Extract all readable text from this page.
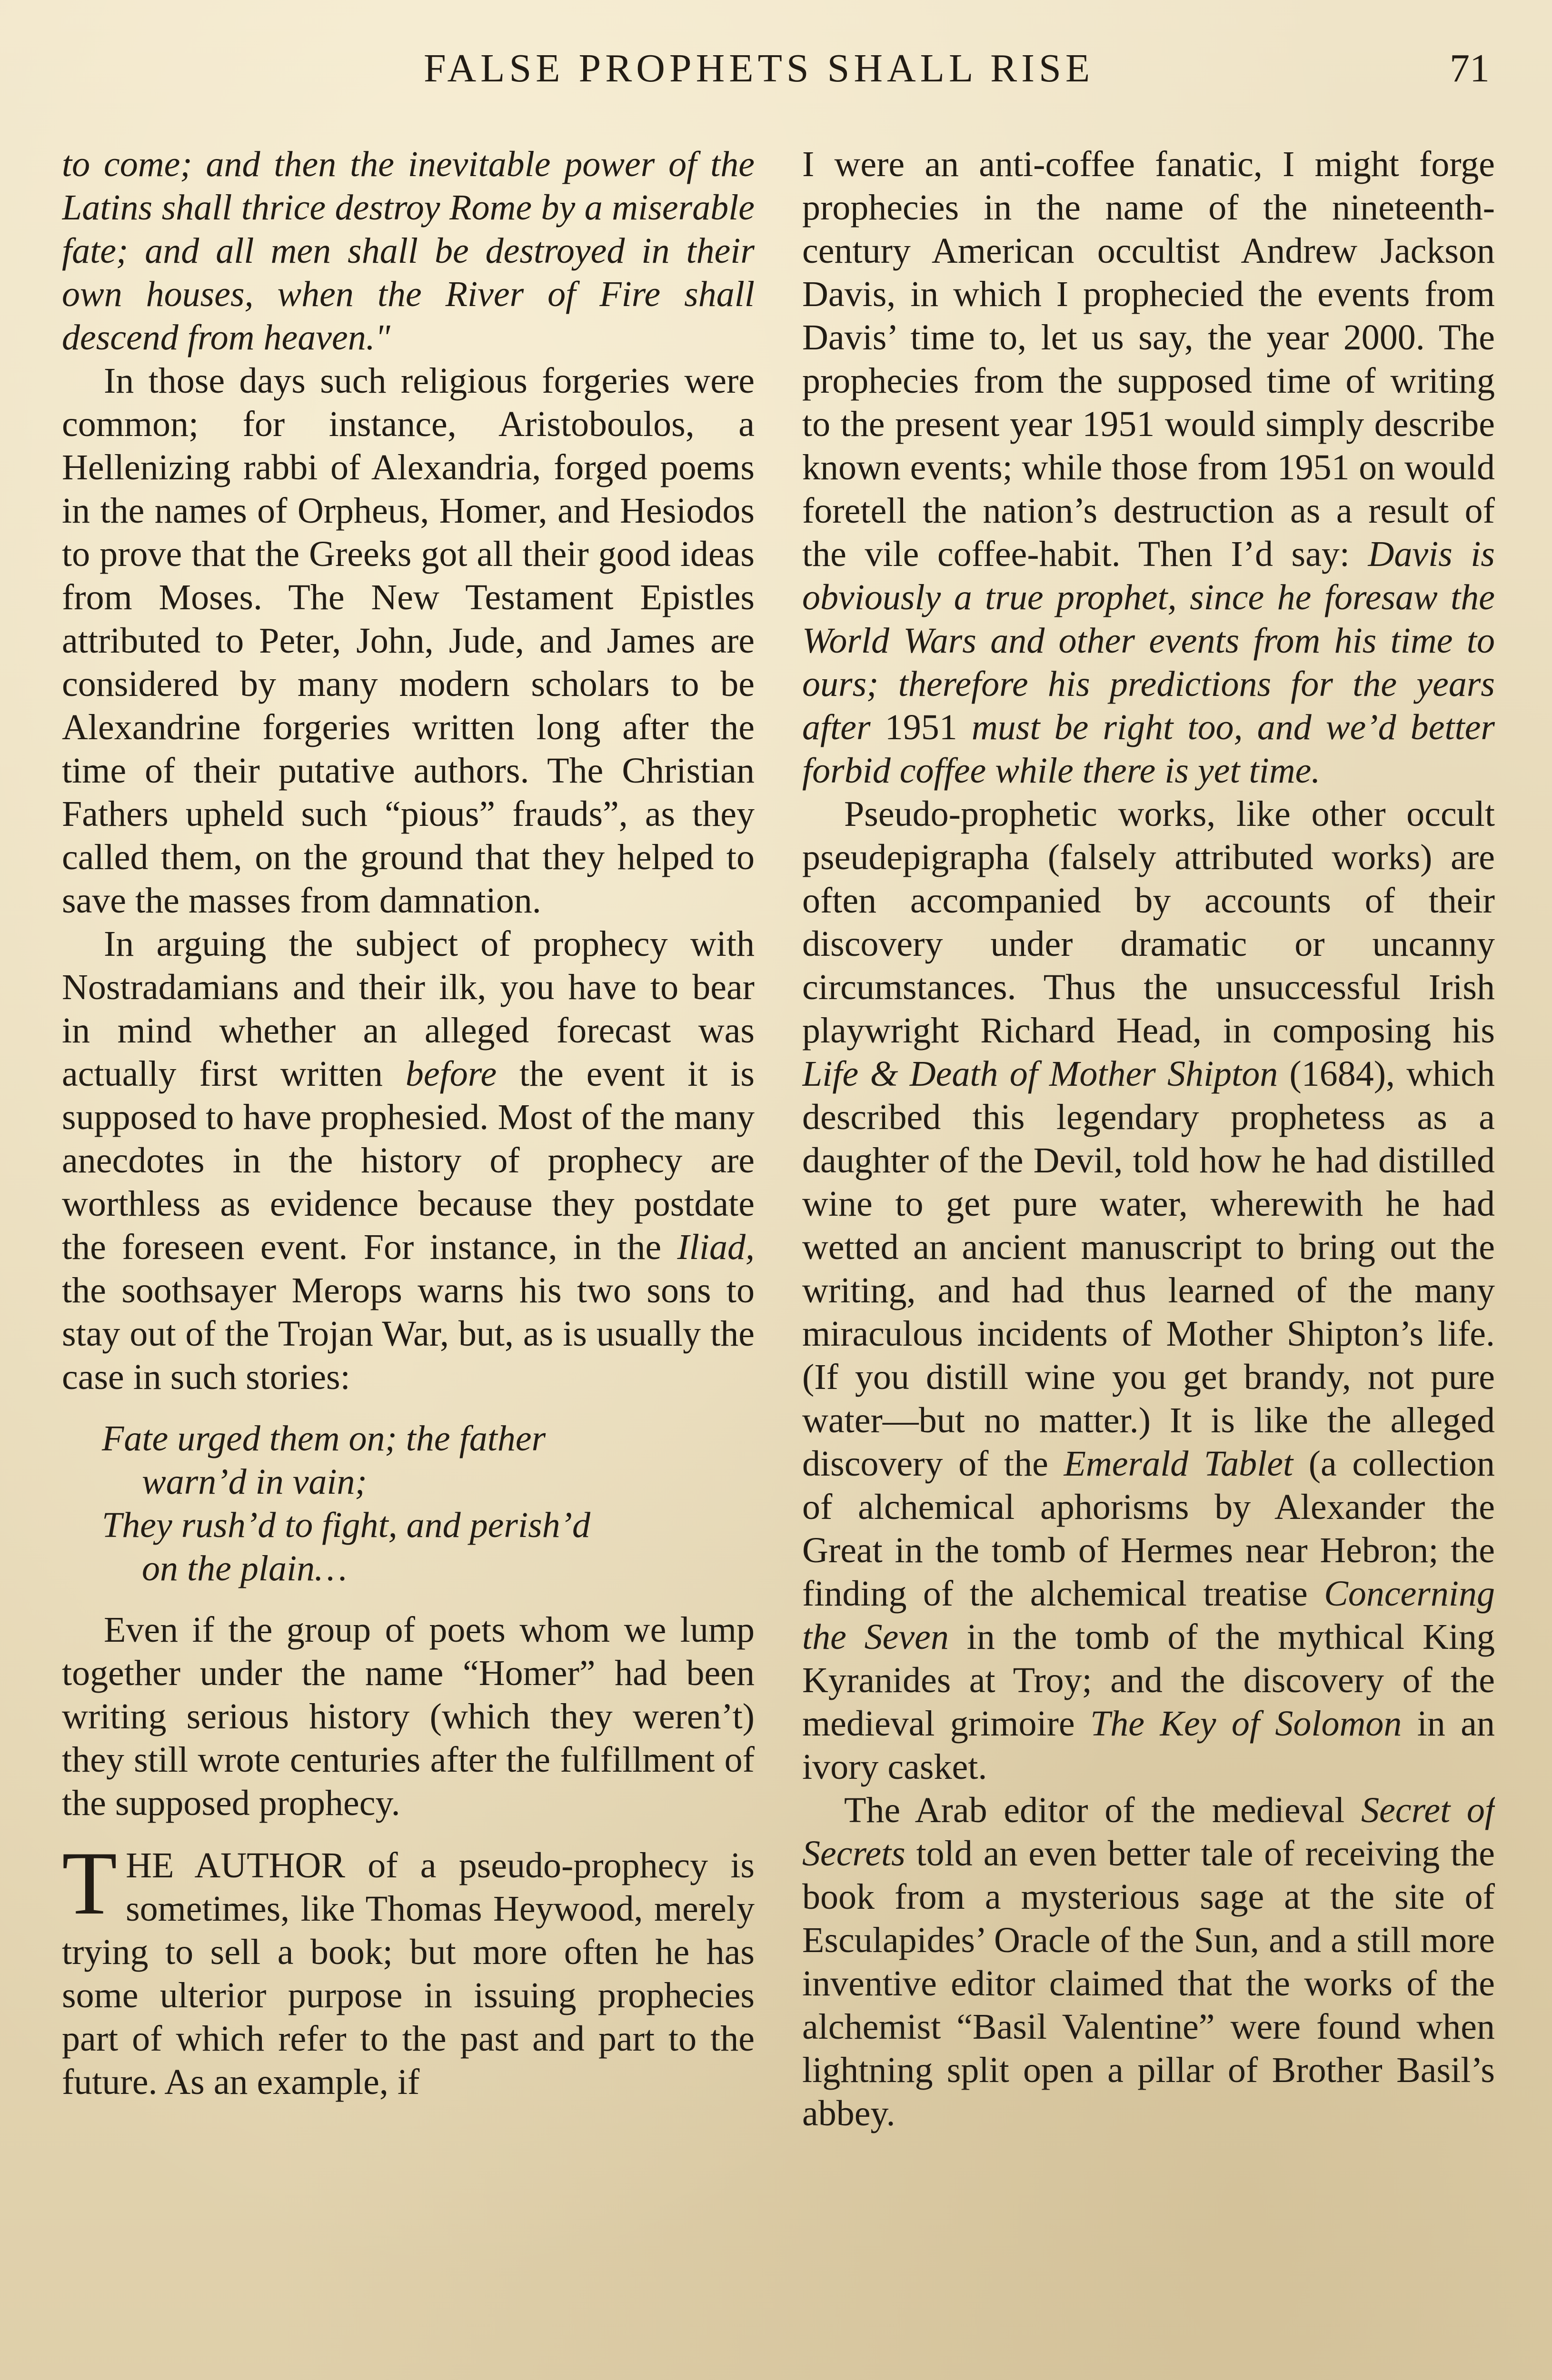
FALSE PROPHETS SHALL RISE	71

to come; and then the inevitable power of the Latins shall thrice destroy Rome by a miserable fate; and all men shall be destroyed in their own houses, when the River of Fire shall descend from heaven."

In those days such religious forgeries were common; for instance, Aristoboulos, a Hellenizing rabbi of Alexandria, forged poems in the names of Orpheus, Homer, and Hesiodos to prove that the Greeks got all their good ideas from Moses. The New Testament Epistles attributed to Peter, John, Jude, and James are considered by many modern scholars to be Alexandrine forgeries written long after the time of their putative authors. The Christian Fathers upheld such “pious” frauds”, as they called them, on the ground that they helped to save the masses from damnation.

In arguing the subject of prophecy with Nostradamians and their ilk, you have to bear in mind whether an alleged forecast was actually first written before the event it is supposed to have prophesied. Most of the many anecdotes in the history of prophecy are worthless as evidence because they postdate the foreseen event. For instance, in the Iliad, the soothsayer Merops warns his two sons to stay out of the Trojan War, but, as is usually the case in such stories:

Fate urged them on; the father
warn’d in vain;
They rush’d to fight, and perish’d
on the plain…

Even if the group of poets whom we lump together under the name “Homer” had been writing serious history (which they weren’t) they still wrote centuries after the fulfillment of the supposed prophecy.

THE AUTHOR of a pseudo-prophecy is sometimes, like Thomas Heywood, merely trying to sell a book; but more often he has some ulterior purpose in issuing prophecies part of which refer to the past and part to the future. As an example, if

I were an anti-coffee fanatic, I might forge prophecies in the name of the nineteenth-century American occultist Andrew Jackson Davis, in which I prophecied the events from Davis’ time to, let us say, the year 2000. The prophecies from the supposed time of writing to the present year 1951 would simply describe known events; while those from 1951 on would foretell the nation’s destruction as a result of the vile coffee-habit. Then I’d say: Davis is obviously a true prophet, since he foresaw the World Wars and other events from his time to ours; therefore his predictions for the years after 1951 must be right too, and we’d better forbid coffee while there is yet time.

Pseudo-prophetic works, like other occult pseudepigrapha (falsely attributed works) are often accompanied by accounts of their discovery under dramatic or uncanny circumstances. Thus the unsuccessful Irish playwright Richard Head, in composing his Life & Death of Mother Shipton (1684), which described this legendary prophetess as a daughter of the Devil, told how he had distilled wine to get pure water, wherewith he had wetted an ancient manuscript to bring out the writing, and had thus learned of the many miraculous incidents of Mother Shipton’s life. (If you distill wine you get brandy, not pure water—but no matter.) It is like the alleged discovery of the Emerald Tablet (a collection of alchemical aphorisms by Alexander the Great in the tomb of Hermes near Hebron; the finding of the alchemical treatise Concerning the Seven in the tomb of the mythical King Kyranides at Troy; and the discovery of the medieval grimoire The Key of Solomon in an ivory casket.

The Arab editor of the medieval Secret of Secrets told an even better tale of receiving the book from a mysterious sage at the site of Esculapides’ Oracle of the Sun, and a still more inventive editor claimed that the works of the alchemist “Basil Valentine” were found when lightning split open a pillar of Brother Basil’s abbey.
